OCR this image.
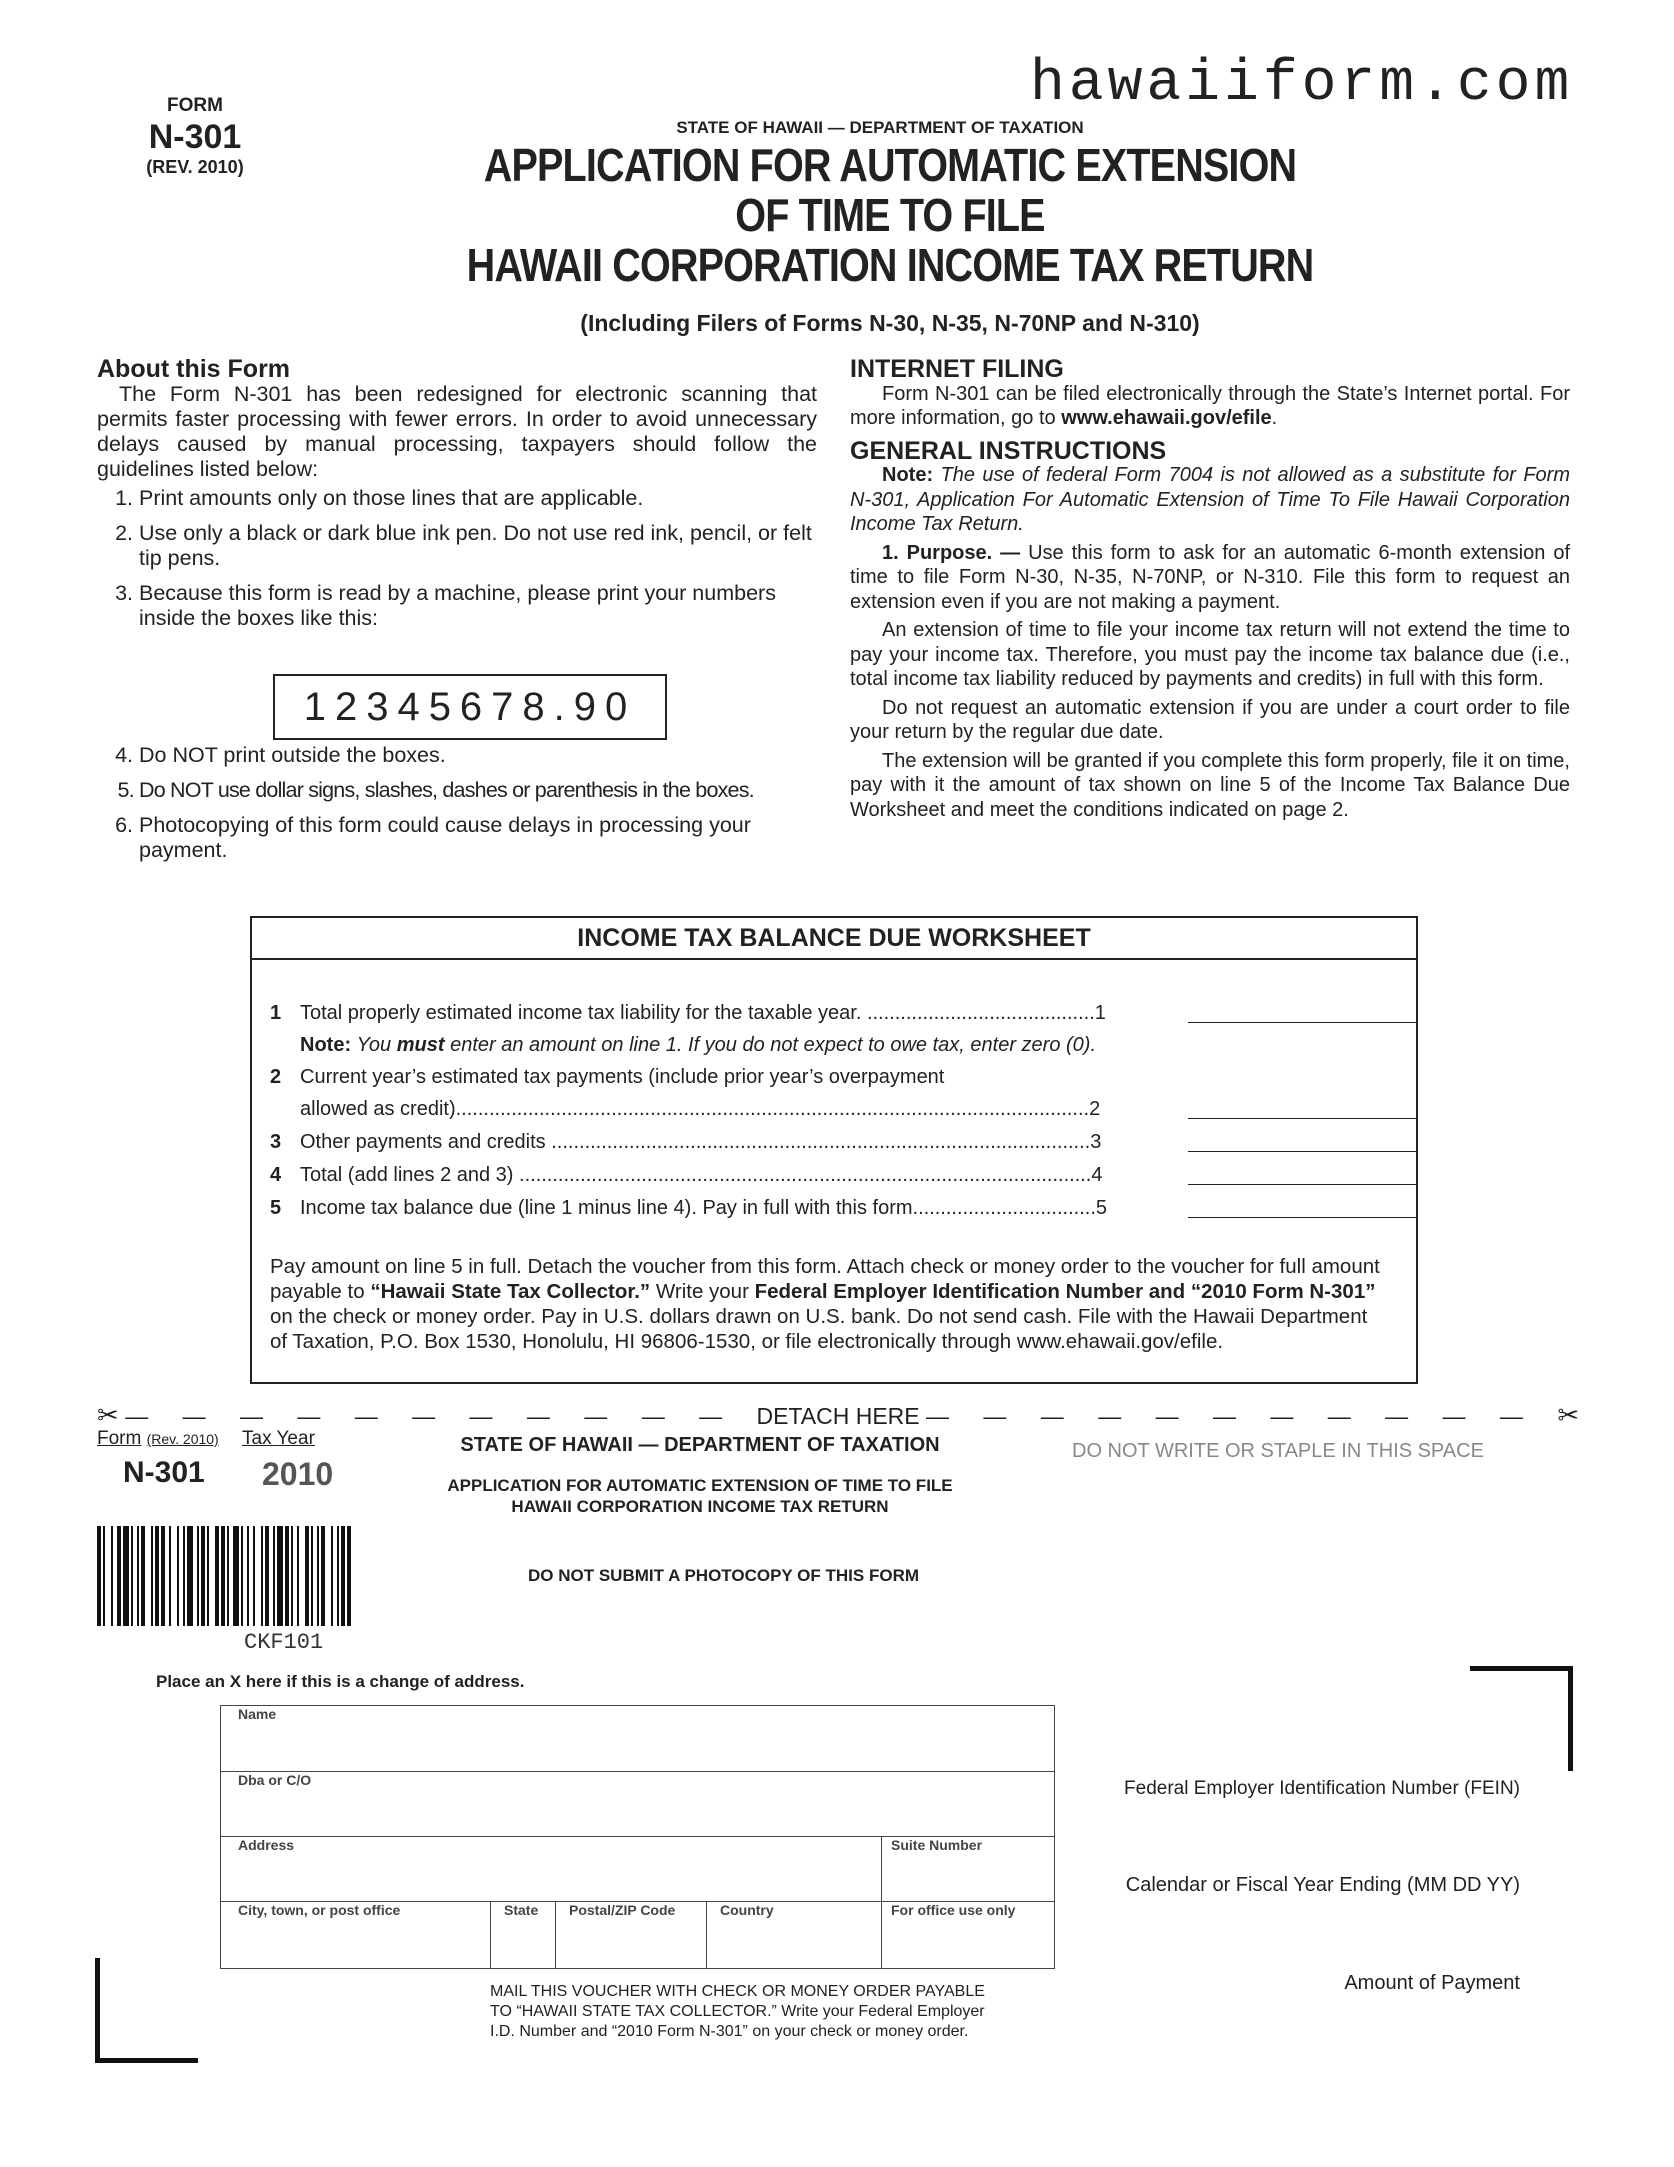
hawaiiform.com
FORM
N-301
(REV. 2010)
STATE OF HAWAII — DEPARTMENT OF TAXATION
APPLICATION FOR AUTOMATIC EXTENSION
OF TIME TO FILE
HAWAII CORPORATION INCOME TAX RETURN
(Including Filers of Forms N-30, N-35, N-70NP and N-310)
About this Form

The Form N-301 has been redesigned for electronic scanning that permits faster processing with fewer errors. In order to avoid unnecessary delays caused by manual processing, taxpayers should follow the guidelines listed below:

1. Print amounts only on those lines that are applicable.
2. Use only a black or dark blue ink pen. Do not use red ink, pencil, or felt tip pens.
3. Because this form is read by a machine, please print your numbers inside the boxes like this:
4. Do NOT print outside the boxes.
5. Do NOT use dollar signs, slashes, dashes or parenthesis in the boxes.
6. Photocopying of this form could cause delays in processing your payment.
12345678.90
INTERNET FILING

Form N-301 can be filed electronically through the State’s Internet portal. For more information, go to www.ehawaii.gov/efile.

GENERAL INSTRUCTIONS

Note: The use of federal Form 7004 is not allowed as a substitute for Form N-301, Application For Automatic Extension of Time To File Hawaii Corporation Income Tax Return.

1. Purpose. — Use this form to ask for an automatic 6-month extension of time to file Form N-30, N-35, N-70NP, or N-310. File this form to request an extension even if you are not making a payment.

An extension of time to file your income tax return will not extend the time to pay your income tax. Therefore, you must pay the income tax balance due (i.e., total income tax liability reduced by payments and credits) in full with this form.

Do not request an automatic extension if you are under a court order to file your return by the regular due date.

The extension will be granted if you complete this form properly, file it on time, pay with it the amount of tax shown on line 5 of the Income Tax Balance Due Worksheet and meet the conditions indicated on page 2.

INCOME TAX BALANCE DUE WORKSHEET
1 Total properly estimated income tax liability for the taxable year. .........................................1
Note: You must enter an amount on line 1. If you do not expect to owe tax, enter zero (0).
2 Current year’s estimated tax payments (include prior year’s overpayment
allowed as credit)..................................................................................................................2
3 Other payments and credits .................................................................................................3
4 Total (add lines 2 and 3) .......................................................................................................4
5 Income tax balance due (line 1 minus line 4). Pay in full with this form.................................5
Pay amount on line 5 in full. Detach the voucher from this form. Attach check or money order to the voucher for full amount payable to “Hawaii State Tax Collector.” Write your Federal Employer Identification Number and “2010 Form N-301” on the check or money order. Pay in U.S. dollars drawn on U.S. bank. Do not send cash. File with the Hawaii Department of Taxation, P.O. Box 1530, Honolulu, HI 96806-1530, or file electronically through www.ehawaii.gov/efile.
✂ — — — — — — — — — — — DETACH HERE — — — — — — — — — — — ✂
Form (Rev. 2010) Tax Year
N-301 2010
STATE OF HAWAII — DEPARTMENT OF TAXATION
APPLICATION FOR AUTOMATIC EXTENSION OF TIME TO FILE
HAWAII CORPORATION INCOME TAX RETURN
DO NOT WRITE OR STAPLE IN THIS SPACE
CKF101
DO NOT SUBMIT A PHOTOCOPY OF THIS FORM
Place an X here if this is a change of address.
Name
Dba or C/O
Address	Suite Number
City, town, or post office	State Postal/ZIP Code	Country	For office use only
Federal Employer Identification Number (FEIN)
Calendar or Fiscal Year Ending (MM DD YY)
Amount of Payment
MAIL THIS VOUCHER WITH CHECK OR MONEY ORDER PAYABLE TO “HAWAII STATE TAX COLLECTOR.” Write your Federal Employer I.D. Number and “2010 Form N-301” on your check or money order.
